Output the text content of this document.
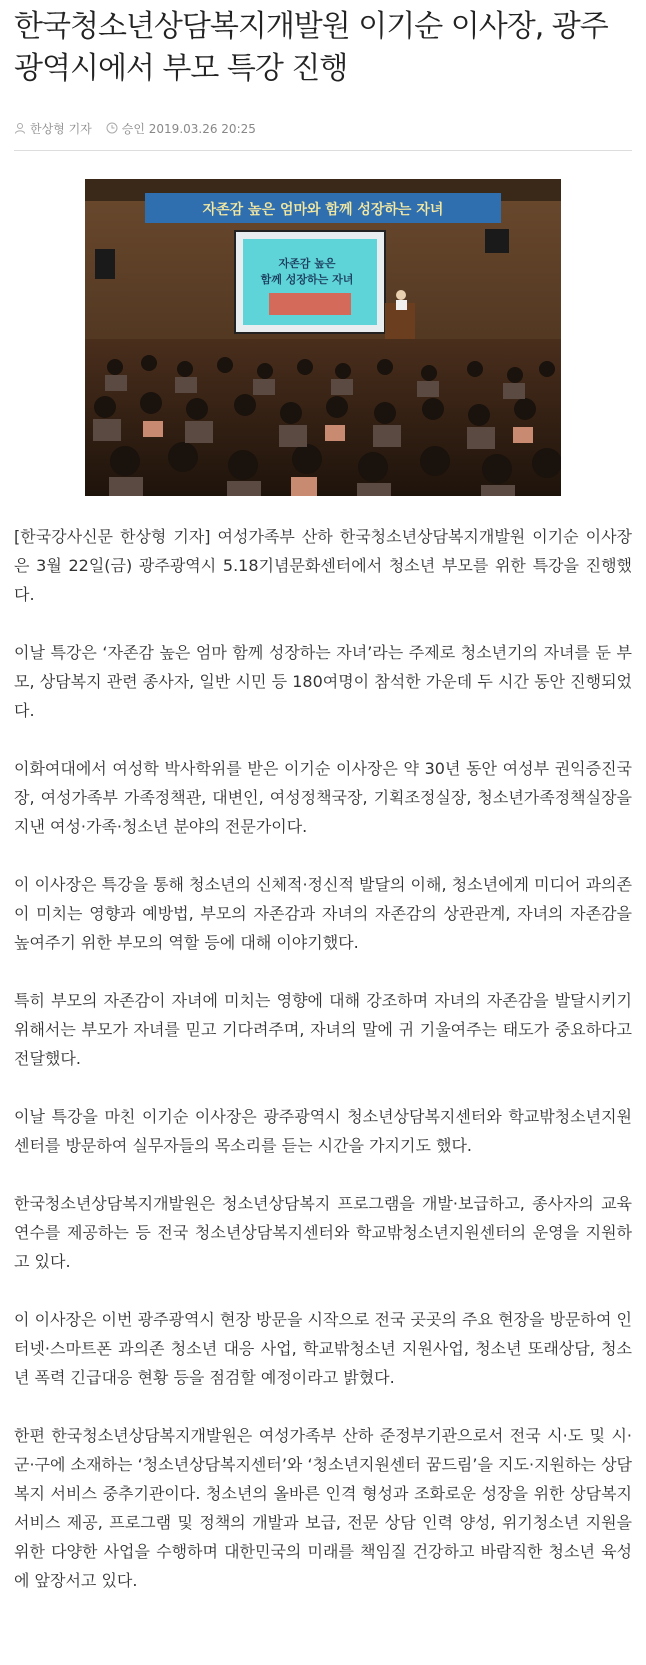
한국청소년상담복지개발원 이기순 이사장, 광주광역시에서 부모 특강 진행
한상형 기자	승인 2019.03.26 20:25
자존감 높은 엄마와 함께 성장하는 자녀
자존감 높은
함께 성장하는 자녀

[한국강사신문 한상형 기자] 여성가족부 산하 한국청소년상담복지개발원 이기순 이사장은 3월 22일(금) 광주광역시 5.18기념문화센터에서 청소년 부모를 위한 특강을 진행했다.

이날 특강은 ‘자존감 높은 엄마 함께 성장하는 자녀’라는 주제로 청소년기의 자녀를 둔 부모, 상담복지 관련 종사자, 일반 시민 등 180여명이 참석한 가운데 두 시간 동안 진행되었다.

이화여대에서 여성학 박사학위를 받은 이기순 이사장은 약 30년 동안 여성부 권익증진국장, 여성가족부 가족정책관, 대변인, 여성정책국장, 기획조정실장, 청소년가족정책실장을 지낸 여성·가족·청소년 분야의 전문가이다.

이 이사장은 특강을 통해 청소년의 신체적·정신적 발달의 이해, 청소년에게 미디어 과의존이 미치는 영향과 예방법, 부모의 자존감과 자녀의 자존감의 상관관계, 자녀의 자존감을 높여주기 위한 부모의 역할 등에 대해 이야기했다.

특히 부모의 자존감이 자녀에 미치는 영향에 대해 강조하며 자녀의 자존감을 발달시키기 위해서는 부모가 자녀를 믿고 기다려주며, 자녀의 말에 귀 기울여주는 태도가 중요하다고 전달했다.

이날 특강을 마친 이기순 이사장은 광주광역시 청소년상담복지센터와 학교밖청소년지원센터를 방문하여 실무자들의 목소리를 듣는 시간을 가지기도 했다.

한국청소년상담복지개발원은 청소년상담복지 프로그램을 개발·보급하고, 종사자의 교육연수를 제공하는 등 전국 청소년상담복지센터와 학교밖청소년지원센터의 운영을 지원하고 있다.

이 이사장은 이번 광주광역시 현장 방문을 시작으로 전국 곳곳의 주요 현장을 방문하여 인터넷·스마트폰 과의존 청소년 대응 사업, 학교밖청소년 지원사업, 청소년 또래상담, 청소년 폭력 긴급대응 현황 등을 점검할 예정이라고 밝혔다.

한편 한국청소년상담복지개발원은 여성가족부 산하 준정부기관으로서 전국 시·도 및 시·군·구에 소재하는 ‘청소년상담복지센터’와 ‘청소년지원센터 꿈드림’을 지도·지원하는 상담복지 서비스 중추기관이다. 청소년의 올바른 인격 형성과 조화로운 성장을 위한 상담복지 서비스 제공, 프로그램 및 정책의 개발과 보급, 전문 상담 인력 양성, 위기청소년 지원을 위한 다양한 사업을 수행하며 대한민국의 미래를 책임질 건강하고 바람직한 청소년 육성에 앞장서고 있다.
